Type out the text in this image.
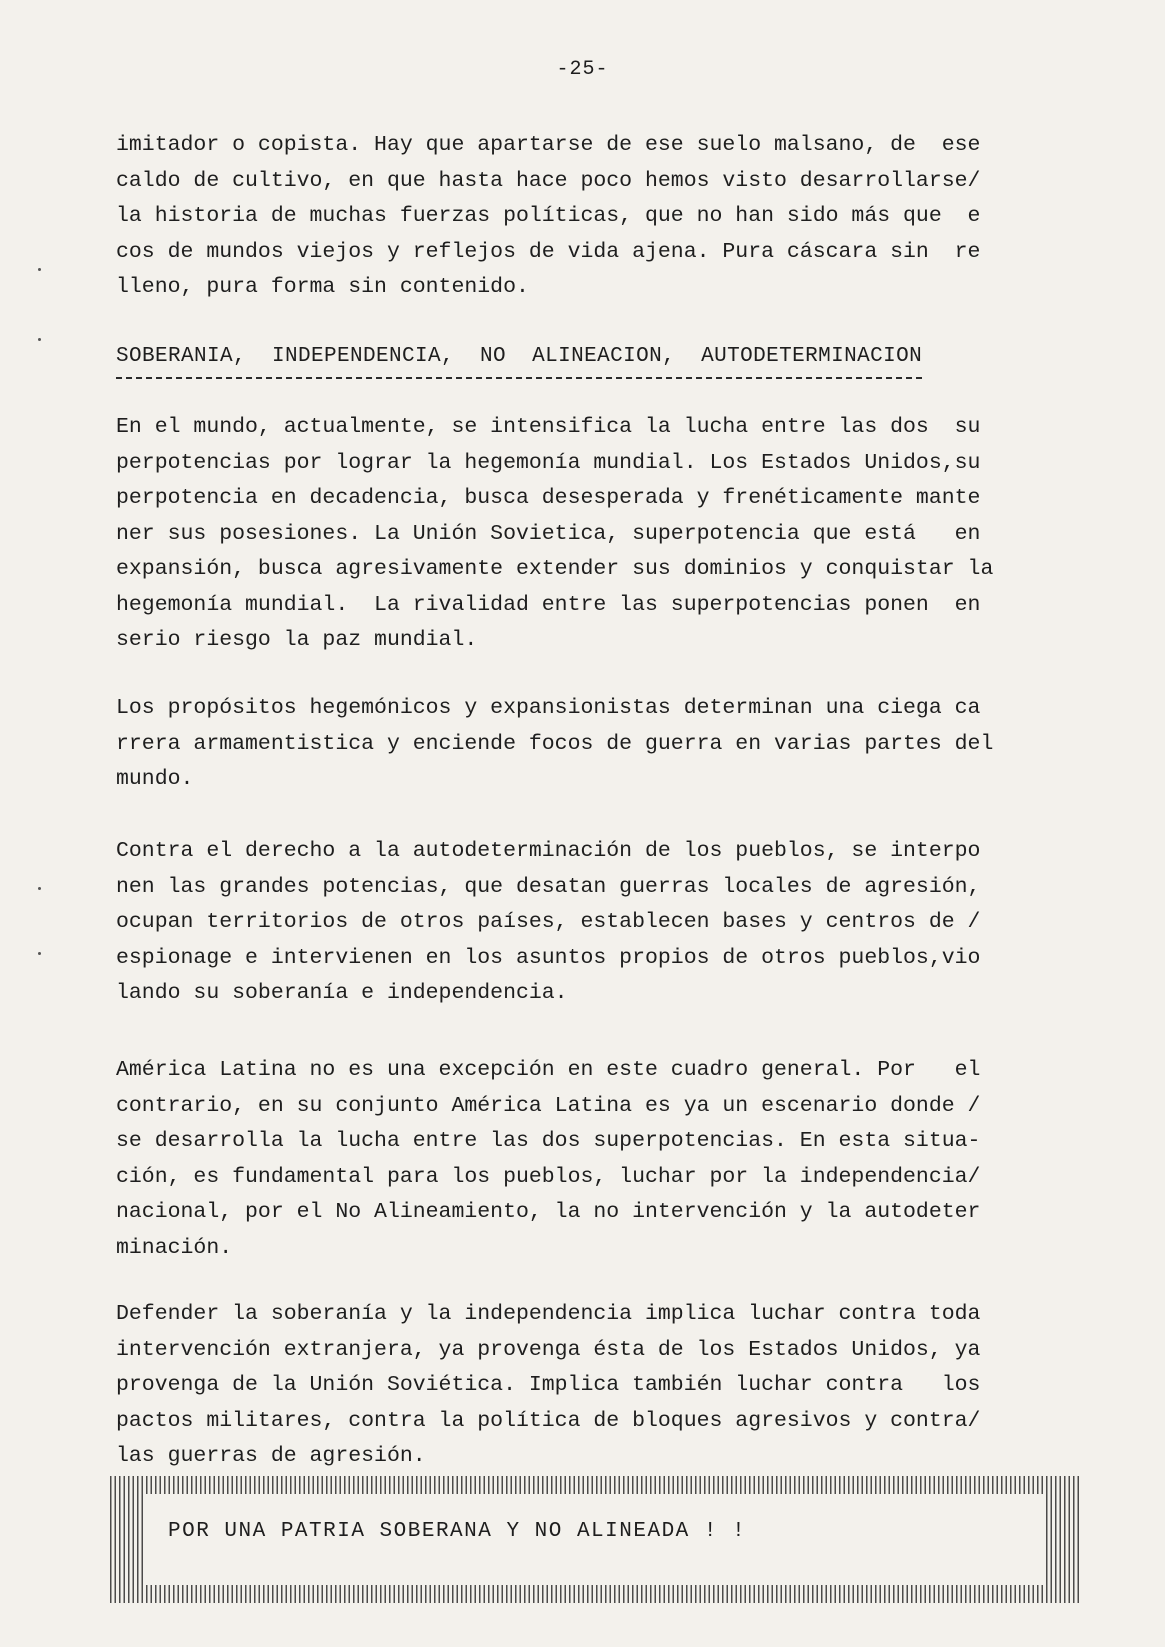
-25-
imitador o copista. Hay que apartarse de ese suelo malsano, de  ese
caldo de cultivo, en que hasta hace poco hemos visto desarrollarse/
la historia de muchas fuerzas políticas, que no han sido más que  e
cos de mundos viejos y reflejos de vida ajena. Pura cáscara sin  re
lleno, pura forma sin contenido.
SOBERANIA,  INDEPENDENCIA,  NO  ALINEACION,  AUTODETERMINACION
En el mundo, actualmente, se intensifica la lucha entre las dos  su
perpotencias por lograr la hegemonía mundial. Los Estados Unidos,su
perpotencia en decadencia, busca desesperada y frenéticamente mante
ner sus posesiones. La Unión Sovietica, superpotencia que está   en
expansión, busca agresivamente extender sus dominios y conquistar la
hegemonía mundial.  La rivalidad entre las superpotencias ponen  en
serio riesgo la paz mundial.
Los propósitos hegemónicos y expansionistas determinan una ciega ca
rrera armamentistica y enciende focos de guerra en varias partes del
mundo.
Contra el derecho a la autodeterminación de los pueblos, se interpo
nen las grandes potencias, que desatan guerras locales de agresión,
ocupan territorios de otros países, establecen bases y centros de /
espionage e intervienen en los asuntos propios de otros pueblos,vio
lando su soberanía e independencia.
América Latina no es una excepción en este cuadro general. Por   el
contrario, en su conjunto América Latina es ya un escenario donde /
se desarrolla la lucha entre las dos superpotencias. En esta situa-
ción, es fundamental para los pueblos, luchar por la independencia/
nacional, por el No Alineamiento, la no intervención y la autodeter
minación.
Defender la soberanía y la independencia implica luchar contra toda
intervención extranjera, ya provenga ésta de los Estados Unidos, ya
provenga de la Unión Soviética. Implica también luchar contra   los
pactos militares, contra la política de bloques agresivos y contra/
las guerras de agresión.
POR UNA PATRIA SOBERANA Y NO ALINEADA ! !
